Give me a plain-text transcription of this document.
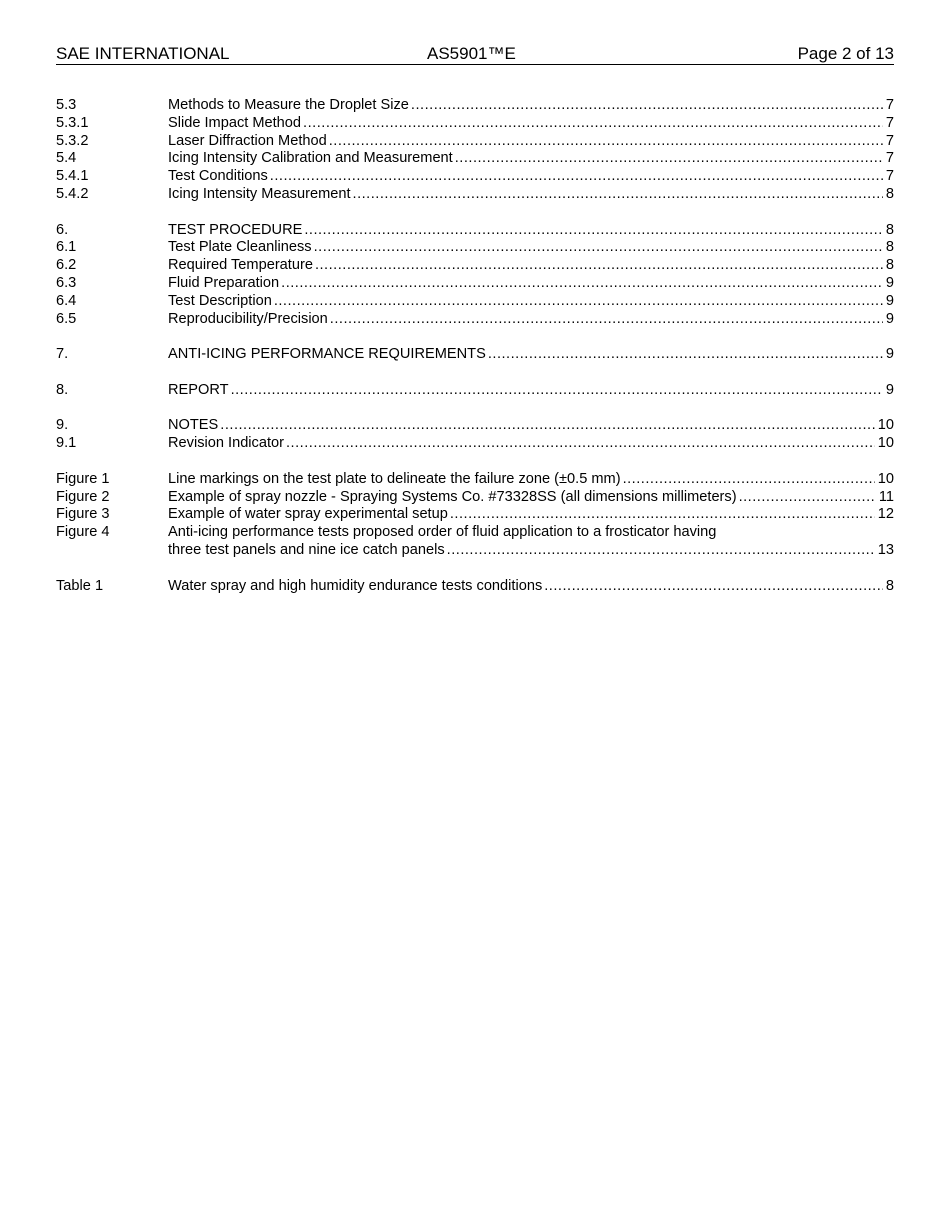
SAE INTERNATIONAL	AS5901™E	Page 2 of 13
5.3	Methods to Measure the Droplet Size .....	7
5.3.1	Slide Impact Method .....	7
5.3.2	Laser Diffraction Method .....	7
5.4	Icing Intensity Calibration and Measurement .....	7
5.4.1	Test Conditions .....	7
5.4.2	Icing Intensity Measurement .....	8
6.	TEST PROCEDURE .....	8
6.1	Test Plate Cleanliness .....	8
6.2	Required Temperature .....	8
6.3	Fluid Preparation .....	9
6.4	Test Description .....	9
6.5	Reproducibility/Precision .....	9
7.	ANTI-ICING PERFORMANCE REQUIREMENTS .....	9
8.	REPORT .....	9
9.	NOTES .....	10
9.1	Revision Indicator .....	10
Figure 1	Line markings on the test plate to delineate the failure zone (±0.5 mm) .....	10
Figure 2	Example of spray nozzle - Spraying Systems Co. #73328SS (all dimensions millimeters) .....	11
Figure 3	Example of water spray experimental setup .....	12
Figure 4	Anti-icing performance tests proposed order of fluid application to a frosticator having
three test panels and nine ice catch panels .....	13
Table 1	Water spray and high humidity endurance tests conditions .....	8
